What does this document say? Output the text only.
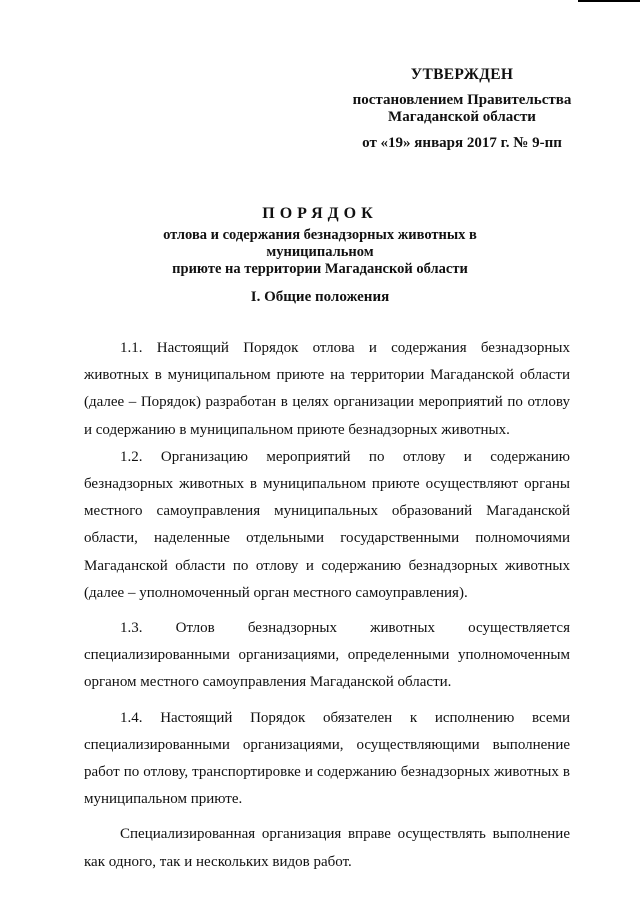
УТВЕРЖДЕН
постановлением Правительства
Магаданской области
от «19» января 2017 г. № 9-пп
ПОРЯДОК
отлова и содержания безнадзорных животных в муниципальном
приюте на территории Магаданской области
I. Общие положения

1.1. Настоящий Порядок отлова и содержания безнадзорных животных в муниципальном приюте на территории Магаданской области (далее – Порядок) разработан в целях организации мероприятий по отлову и содержанию в муниципальном приюте безнадзорных животных.

1.2. Организацию мероприятий по отлову и содержанию безнадзорных животных в муниципальном приюте осуществляют органы местного самоуправления муниципальных образований Магаданской области, наделенные отдельными государственными полномочиями Магаданской области по отлову и содержанию безнадзорных животных (далее – уполномоченный орган местного самоуправления).

1.3. Отлов безнадзорных животных осуществляется специализированными организациями, определенными уполномоченным органом местного самоуправления Магаданской области.

1.4. Настоящий Порядок обязателен к исполнению всеми специализированными организациями, осуществляющими выполнение работ по отлову, транспортировке и содержанию безнадзорных животных в муниципальном приюте.

Специализированная организация вправе осуществлять выполнение как одного, так и нескольких видов работ.
